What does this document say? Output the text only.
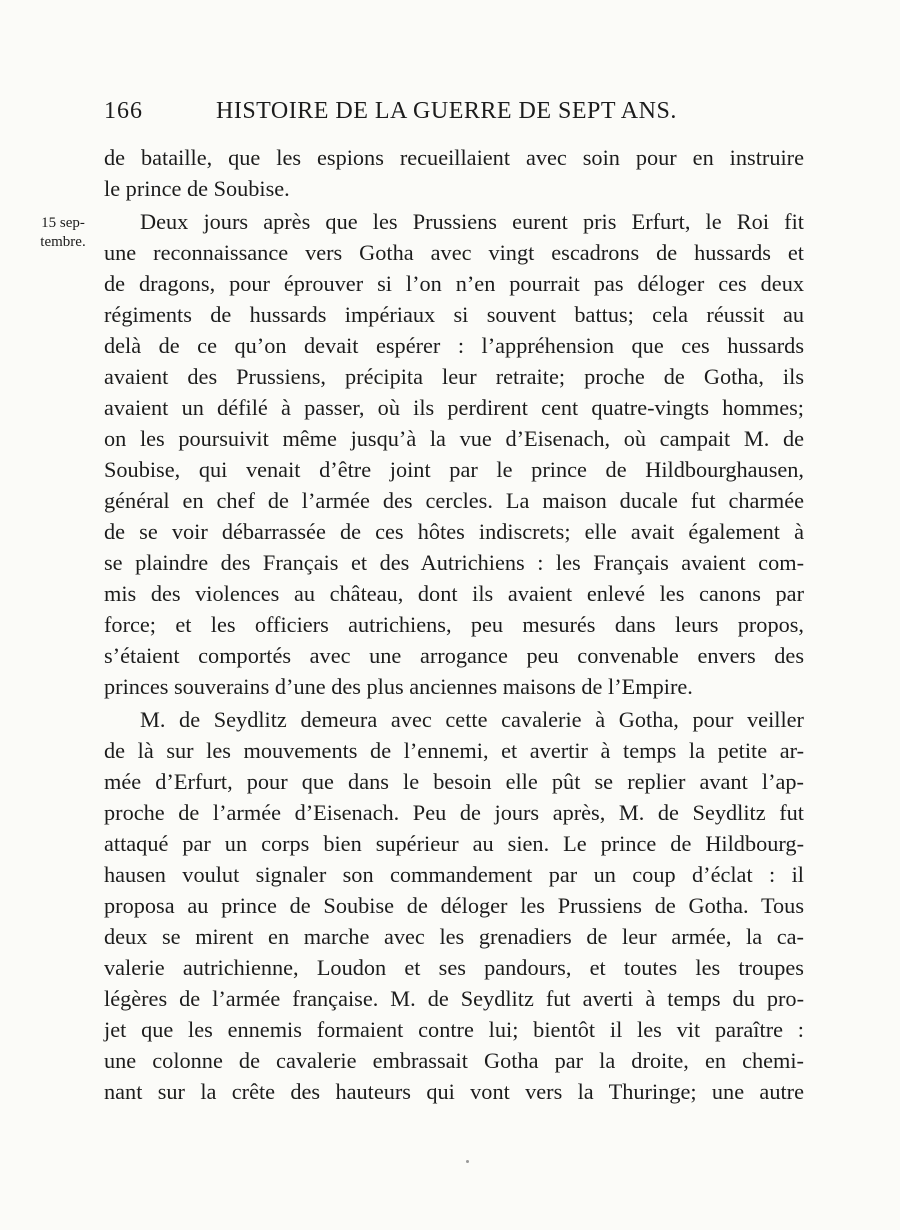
166	HISTOIRE DE LA GUERRE DE SEPT ANS.
15 sep-
tembre.
de bataille, que les espions recueillaient avec soin pour en instruire
le prince de Soubise.
Deux jours après que les Prussiens eurent pris Erfurt, le Roi fit
une reconnaissance vers Gotha avec vingt escadrons de hussards et
de dragons, pour éprouver si l’on n’en pourrait pas déloger ces deux
régiments de hussards impériaux si souvent battus; cela réussit au
delà de ce qu’on devait espérer : l’appréhension que ces hussards
avaient des Prussiens, précipita leur retraite; proche de Gotha, ils
avaient un défilé à passer, où ils perdirent cent quatre-vingts hommes;
on les poursuivit même jusqu’à la vue d’Eisenach, où campait M. de
Soubise, qui venait d’être joint par le prince de Hildbourghausen,
général en chef de l’armée des cercles. La maison ducale fut charmée
de se voir débarrassée de ces hôtes indiscrets; elle avait également à
se plaindre des Français et des Autrichiens : les Français avaient com-
mis des violences au château, dont ils avaient enlevé les canons par
force; et les officiers autrichiens, peu mesurés dans leurs propos,
s’étaient comportés avec une arrogance peu convenable envers des
princes souverains d’une des plus anciennes maisons de l’Empire.
M. de Seydlitz demeura avec cette cavalerie à Gotha, pour veiller
de là sur les mouvements de l’ennemi, et avertir à temps la petite ar-
mée d’Erfurt, pour que dans le besoin elle pût se replier avant l’ap-
proche de l’armée d’Eisenach. Peu de jours après, M. de Seydlitz fut
attaqué par un corps bien supérieur au sien. Le prince de Hildbourg-
hausen voulut signaler son commandement par un coup d’éclat : il
proposa au prince de Soubise de déloger les Prussiens de Gotha. Tous
deux se mirent en marche avec les grenadiers de leur armée, la ca-
valerie autrichienne, Loudon et ses pandours, et toutes les troupes
légères de l’armée française. M. de Seydlitz fut averti à temps du pro-
jet que les ennemis formaient contre lui; bientôt il les vit paraître :
une colonne de cavalerie embrassait Gotha par la droite, en chemi-
nant sur la crête des hauteurs qui vont vers la Thuringe; une autre
